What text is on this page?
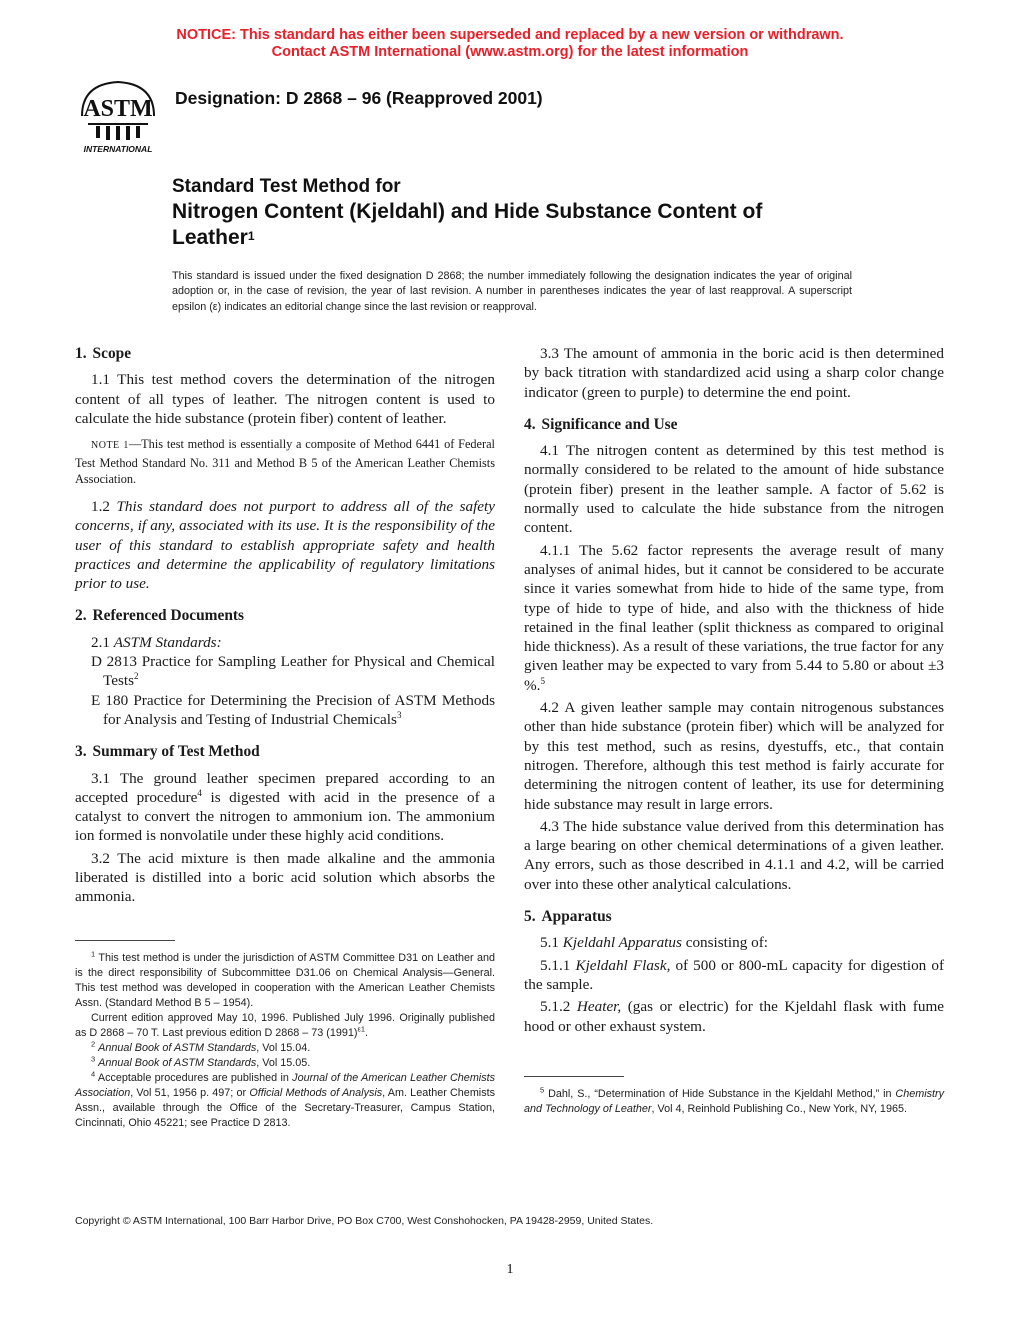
NOTICE: This standard has either been superseded and replaced by a new version or withdrawn.
Contact ASTM International (www.astm.org) for the latest information
ASTM
INTERNATIONAL
Designation: D 2868 – 96 (Reapproved 2001)
Standard Test Method for
Nitrogen Content (Kjeldahl) and Hide Substance Content of
Leather$^1$
This standard is issued under the fixed designation D 2868; the number immediately following the designation indicates the year of original adoption or, in the case of revision, the year of last revision. A number in parentheses indicates the year of last reapproval. A superscript epsilon (ε) indicates an editorial change since the last revision or reapproval.
1. Scope
1.1 This test method covers the determination of the nitrogen content of all types of leather. The nitrogen content is used to calculate the hide substance (protein fiber) content of leather.
NOTE 1—This test method is essentially a composite of Method 6441 of Federal Test Method Standard No. 311 and Method B 5 of the American Leather Chemists Association.
1.2 This standard does not purport to address all of the safety concerns, if any, associated with its use. It is the responsibility of the user of this standard to establish appropriate safety and health practices and determine the applicability of regulatory limitations prior to use.
2. Referenced Documents
2.1 ASTM Standards:
D 2813 Practice for Sampling Leather for Physical and Chemical Tests$^2$
E 180 Practice for Determining the Precision of ASTM Methods for Analysis and Testing of Industrial Chemicals$^3$
3. Summary of Test Method
3.1 The ground leather specimen prepared according to an accepted procedure$^4$ is digested with acid in the presence of a catalyst to convert the nitrogen to ammonium ion. The ammonium ion formed is nonvolatile under these highly acid conditions.
3.2 The acid mixture is then made alkaline and the ammonia liberated is distilled into a boric acid solution which absorbs the ammonia.
3.3 The amount of ammonia in the boric acid is then determined by back titration with standardized acid using a sharp color change indicator (green to purple) to determine the end point.
4. Significance and Use
4.1 The nitrogen content as determined by this test method is normally considered to be related to the amount of hide substance (protein fiber) present in the leather sample. A factor of 5.62 is normally used to calculate the hide substance from the nitrogen content.
4.1.1 The 5.62 factor represents the average result of many analyses of animal hides, but it cannot be considered to be accurate since it varies somewhat from hide to hide of the same type, from type of hide to type of hide, and also with the thickness of hide retained in the final leather (split thickness as compared to original hide thickness). As a result of these variations, the true factor for any given leather may be expected to vary from 5.44 to 5.80 or about ±3 %.$^5$
4.2 A given leather sample may contain nitrogenous substances other than hide substance (protein fiber) which will be analyzed for by this test method, such as resins, dyestuffs, etc., that contain nitrogen. Therefore, although this test method is fairly accurate for determining the nitrogen content of leather, its use for determining hide substance may result in large errors.
4.3 The hide substance value derived from this determination has a large bearing on other chemical determinations of a given leather. Any errors, such as those described in 4.1.1 and 4.2, will be carried over into these other analytical calculations.
5. Apparatus
5.1 Kjeldahl Apparatus consisting of:
5.1.1 Kjeldahl Flask, of 500 or 800-mL capacity for digestion of the sample.
5.1.2 Heater, (gas or electric) for the Kjeldahl flask with fume hood or other exhaust system.
$^1$ This test method is under the jurisdiction of ASTM Committee D31 on Leather and is the direct responsibility of Subcommittee D31.06 on Chemical Analysis—General. This test method was developed in cooperation with the American Leather Chemists Assn. (Standard Method B 5 – 1954).
Current edition approved May 10, 1996. Published July 1996. Originally published as D 2868 – 70 T. Last previous edition D 2868 – 73 $(1991)^{\varepsilon 1}$.
$^2$ Annual Book of ASTM Standards, Vol 15.04.
$^3$ Annual Book of ASTM Standards, Vol 15.05.
$^4$ Acceptable procedures are published in Journal of the American Leather Chemists Association, Vol 51, 1956 p. 497; or Official Methods of Analysis, Am. Leather Chemists Assn., available through the Office of the Secretary-Treasurer, Campus Station, Cincinnati, Ohio 45221; see Practice D 2813.
$^5$ Dahl, S., “Determination of Hide Substance in the Kjeldahl Method,” in Chemistry and Technology of Leather, Vol 4, Reinhold Publishing Co., New York, NY, 1965.
Copyright © ASTM International, 100 Barr Harbor Drive, PO Box C700, West Conshohocken, PA 19428-2959, United States.
1
